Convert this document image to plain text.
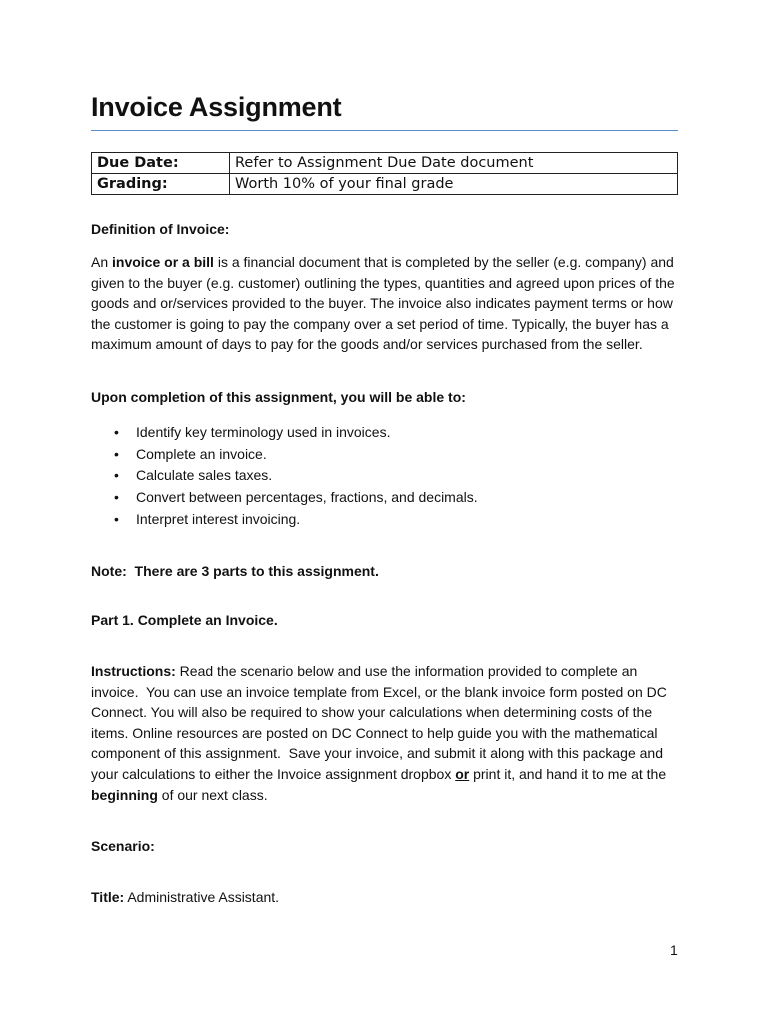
Invoice Assignment
Due Date:	Refer to Assignment Due Date document
Grading:	Worth 10% of your final grade

Definition of Invoice:

An invoice or a bill is a financial document that is completed by the seller (e.g. company) and given to the buyer (e.g. customer) outlining the types, quantities and agreed upon prices of the goods and or/services provided to the buyer. The invoice also indicates payment terms or how the customer is going to pay the company over a set period of time. Typically, the buyer has a maximum amount of days to pay for the goods and/or services purchased from the seller.

Upon completion of this assignment, you will be able to:

• Identify key terminology used in invoices.
• Complete an invoice.
• Calculate sales taxes.
• Convert between percentages, fractions, and decimals.
• Interpret interest invoicing.

Note:  There are 3 parts to this assignment.

Part 1. Complete an Invoice.

Instructions: Read the scenario below and use the information provided to complete an invoice.  You can use an invoice template from Excel, or the blank invoice form posted on DC Connect. You will also be required to show your calculations when determining costs of the items. Online resources are posted on DC Connect to help guide you with the mathematical component of this assignment.  Save your invoice, and submit it along with this package and your calculations to either the Invoice assignment dropbox or print it, and hand it to me at the beginning of our next class.

Scenario:

Title: Administrative Assistant.

1
